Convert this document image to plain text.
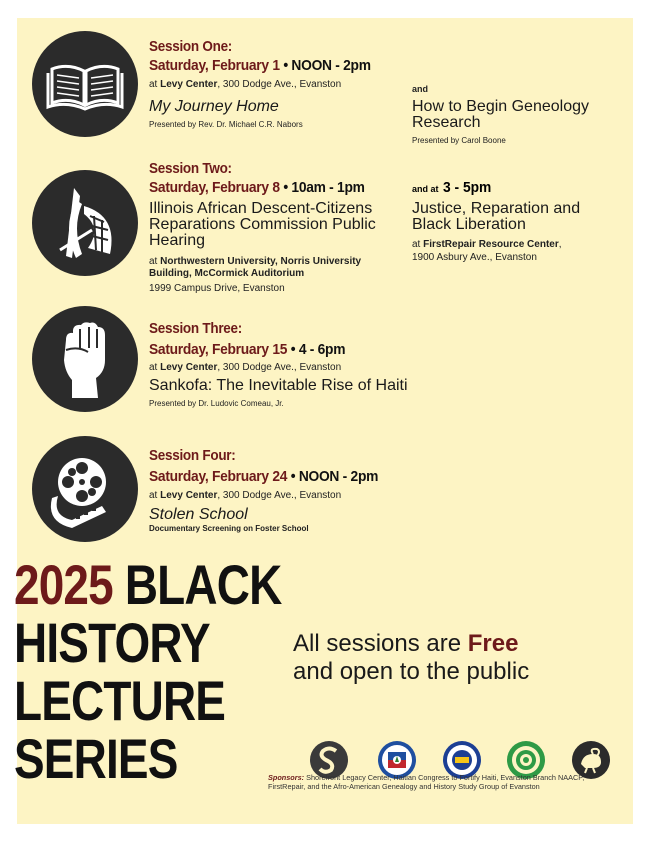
Session One:
Saturday, February 1 • NOON - 2pm
at Levy Center, 300 Dodge Ave., Evanston
My Journey Home
Presented by Rev. Dr. Michael C.R. Nabors
and
How to Begin Geneology Research
Presented by Carol Boone
Session Two:
Saturday, February 8 • 10am - 1pm
Illinois African Descent-Citizens Reparations Commission Public Hearing
at Northwestern University, Norris University Building, McCormick Auditorium
1999 Campus Drive, Evanston
and at 3 - 5pm
Justice, Reparation and Black Liberation
at FirstRepair Resource Center,
1900 Asbury Ave., Evanston
Session Three:
Saturday, February 15 • 4 - 6pm
at Levy Center, 300 Dodge Ave., Evanston
Sankofa: The Inevitable Rise of Haiti
Presented by Dr. Ludovic Comeau, Jr.
Session Four:
Saturday, February 24 • NOON - 2pm
at Levy Center, 300 Dodge Ave., Evanston
Stolen School
Documentary Screening on Foster School
2025 BLACK
HISTORY
LECTURE
SERIES
All sessions are Free
and open to the public
Sponsors: Shorefront Legacy Center, Haitian Congress to Fortify Haiti, Evanston Branch NAACP, FirstRepair, and the Afro-American Genealogy and History Study Group of Evanston
